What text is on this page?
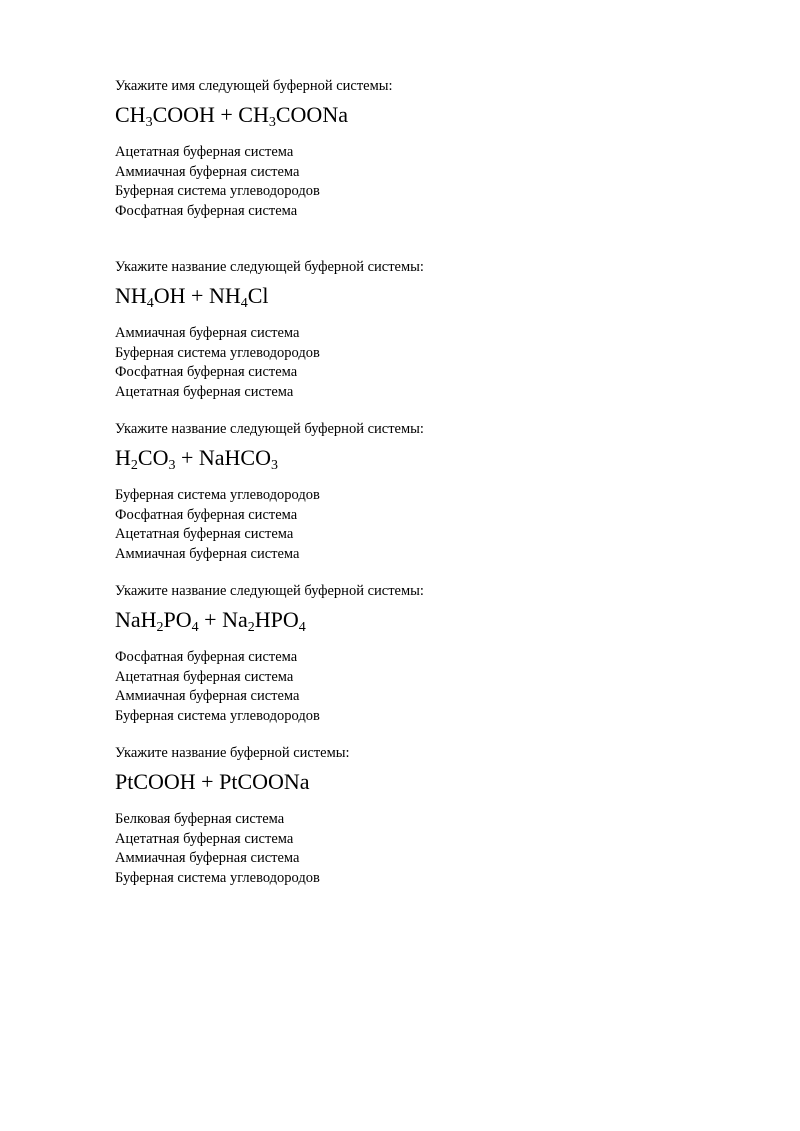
Укажите имя следующей буферной системы:

$CH_3COOH$ + $CH_3COONa$

Ацетатная буферная система
Аммиачная буферная система
Буферная система углеводородов
Фосфатная буферная система

Укажите название следующей буферной системы:

$NH_4OH + NH_4Cl$

Аммиачная буферная система
Буферная система углеводородов
Фосфатная буферная система
Ацетатная буферная система

Укажите название следующей буферной системы:

$H_2CO_3$ + NaHCO$_3$

Буферная система углеводородов
Фосфатная буферная система
Ацетатная буферная система
Аммиачная буферная система

Укажите название следующей буферной системы:

$NaH_2PO_4 + Na_2HPO_4$

Фосфатная буферная система
Ацетатная буферная система
Аммиачная буферная система
Буферная система углеводородов

Укажите название буферной системы:

PtCOOH + PtCOONa

Белковая буферная система
Ацетатная буферная система
Аммиачная буферная система
Буферная система углеводородов
